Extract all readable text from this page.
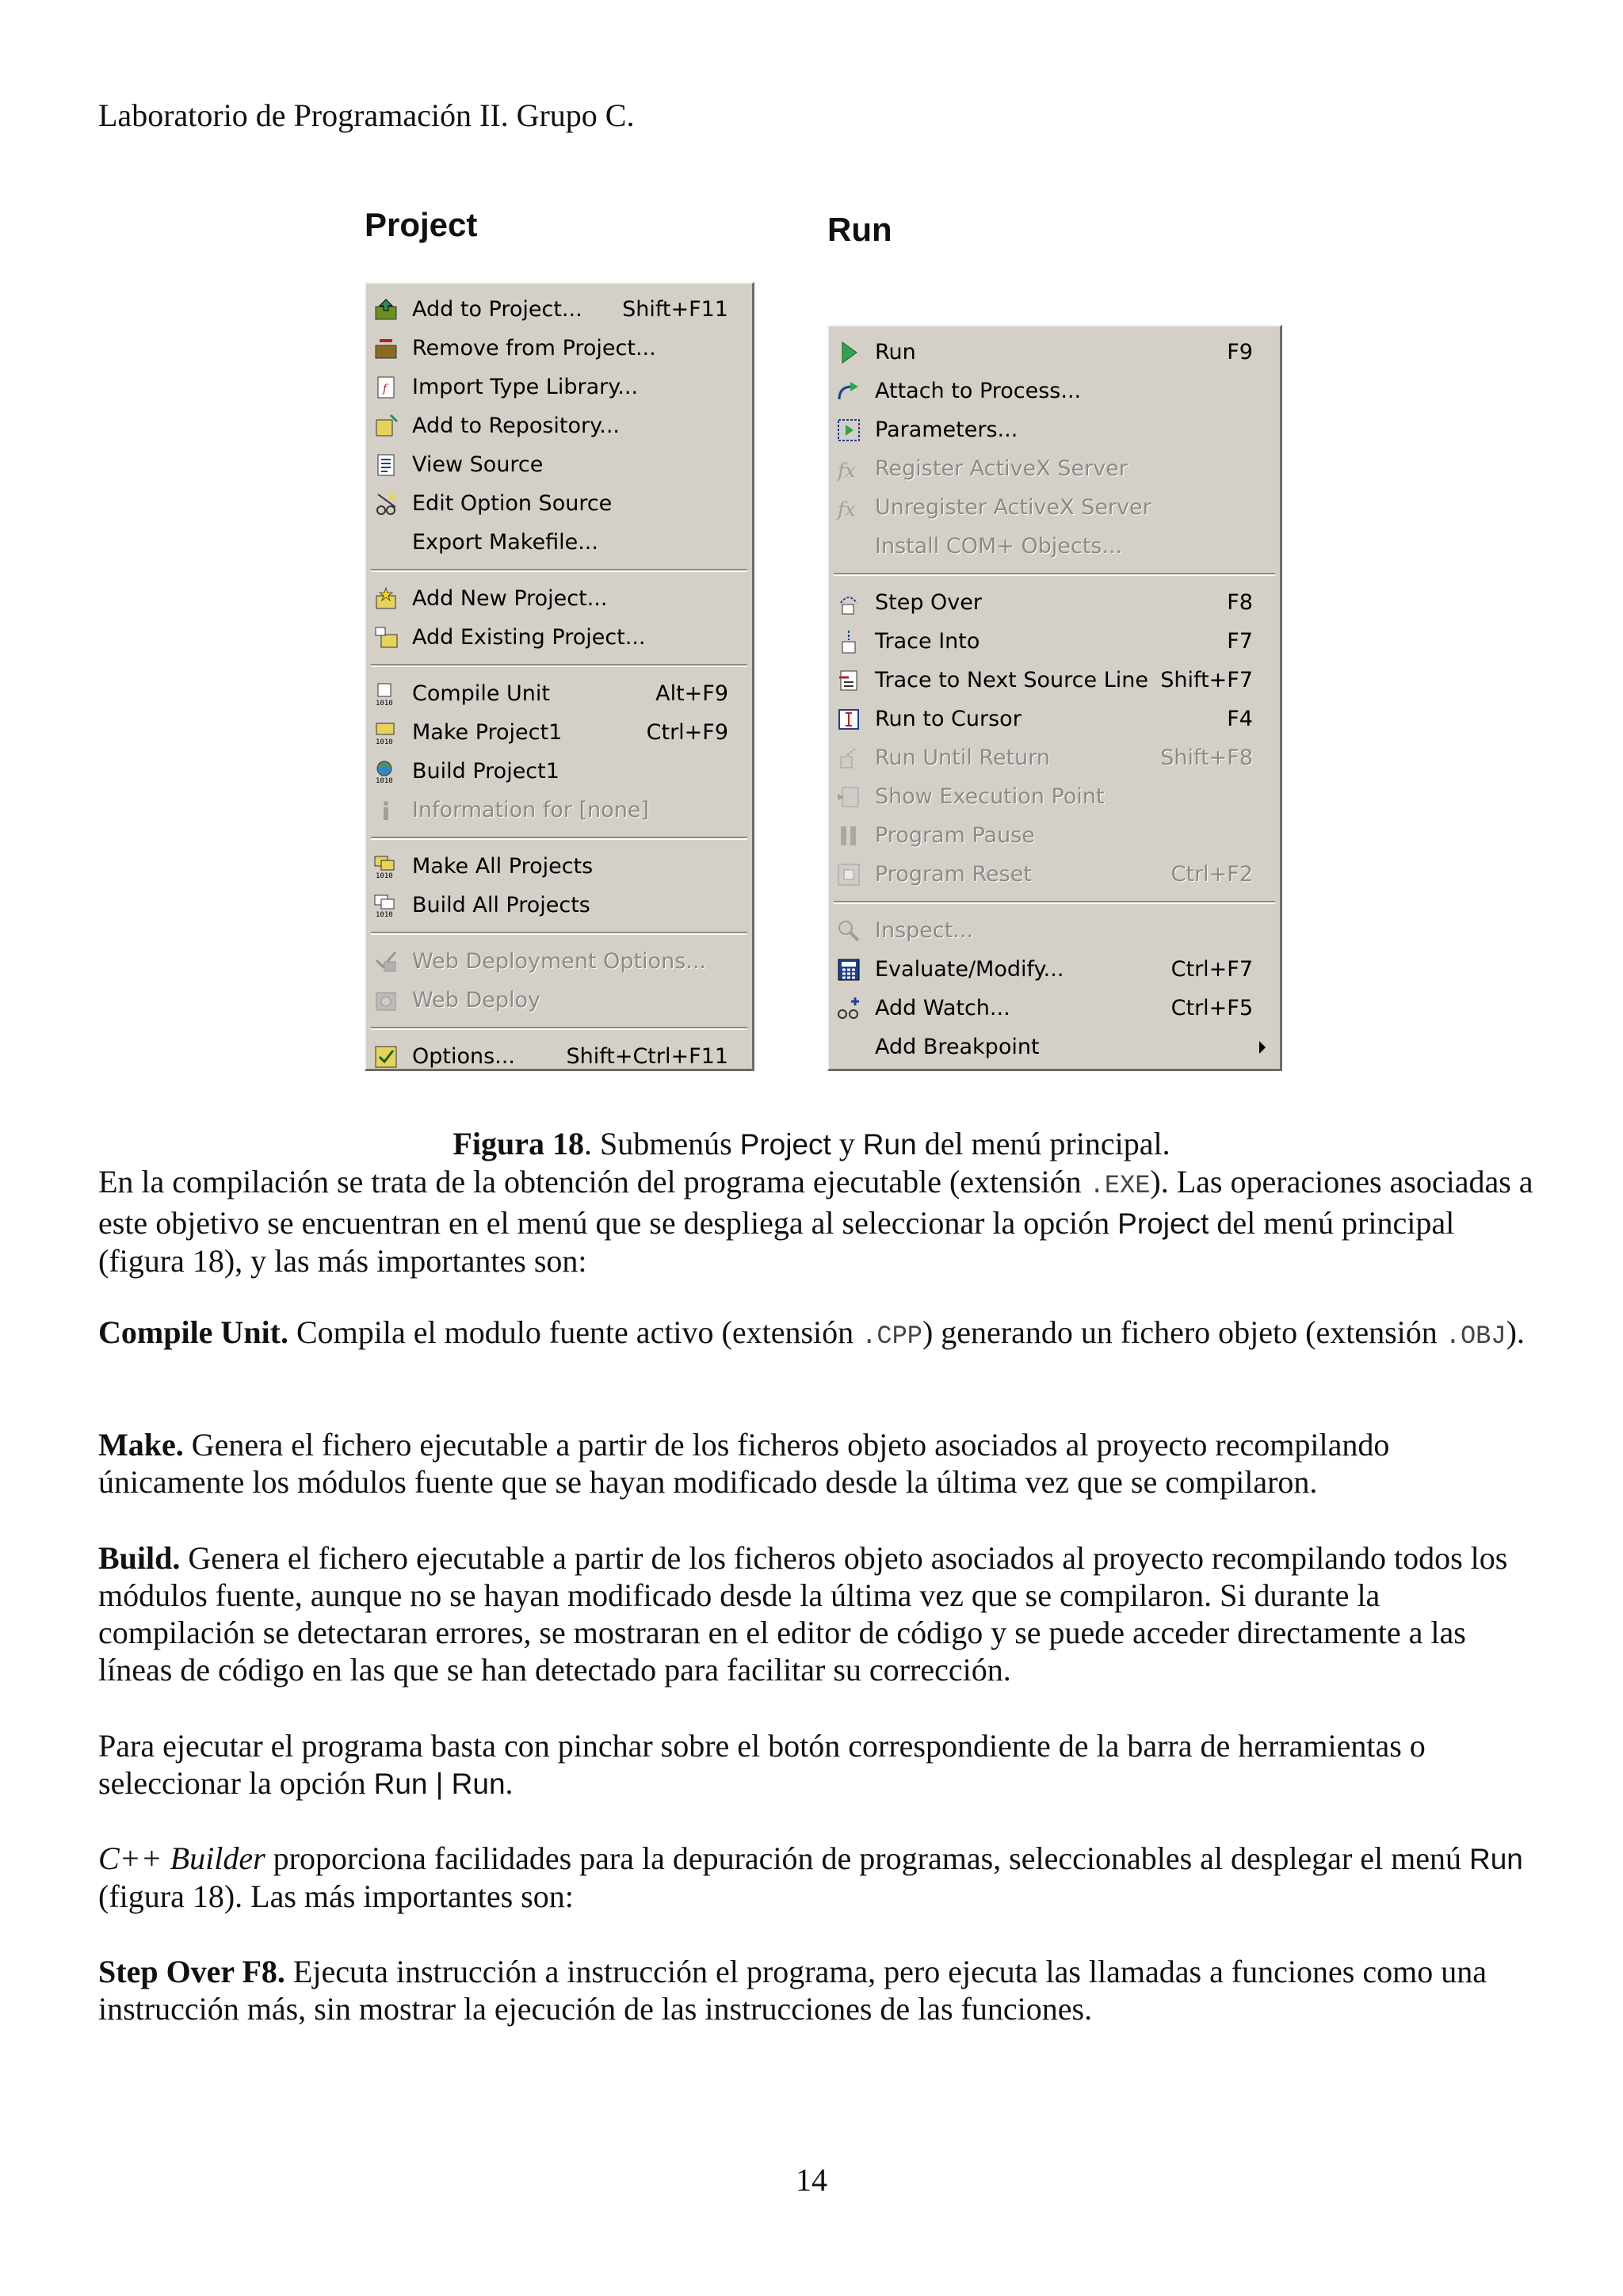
Laboratorio de Programación II. Grupo C.
Project	Run
Add to Project... Shift+F11
Remove from Project...
f Import Type Library...
Add to Repository...
View Source
Edit Option Source
Export Makefile...
Add New Project...
Add Existing Project...
1010 Compile Unit	Alt+F9
1010 Make Project1	Ctrl+F9
1010 Build Project1
Information for [none]
1010 Make All Projects
1010 Build All Projects
Web Deployment Options...
Web Deploy
Options... Shift+Ctrl+F11
Run	F9
Attach to Process...
Parameters...
fx Register ActiveX Server
fx Unregister ActiveX Server
Install COM+ Objects...
Step Over	F8
Trace Into	F7
Trace to Next Source Line Shift+F7
Run to Cursor	F4
Run Until Return	Shift+F8
Show Execution Point
Program Pause
Program Reset	Ctrl+F2
Inspect...
Evaluate/Modify...	Ctrl+F7
Add Watch...	Ctrl+F5
Add Breakpoint
Figura 18. Submenús Project y Run del menú principal.

En la compilación se trata de la obtención del programa ejecutable (extensión .EXE). Las operaciones asociadas a este objetivo se encuentran en el menú que se despliega al seleccionar la opción Project del menú principal (figura 18), y las más importantes son:

Compile Unit. Compila el modulo fuente activo (extensión .CPP) generando un fichero objeto (extensión .OBJ).

Make. Genera el fichero ejecutable a partir de los ficheros objeto asociados al proyecto recompilando únicamente los módulos fuente que se hayan modificado desde la última vez que se compilaron.

Build. Genera el fichero ejecutable a partir de los ficheros objeto asociados al proyecto recompilando todos los módulos fuente, aunque no se hayan modificado desde la última vez que se compilaron. Si durante la compilación se detectaran errores, se mostraran en el editor de código y se puede acceder directamente a las líneas de código en las que se han detectado para facilitar su corrección.

Para ejecutar el programa basta con pinchar sobre el botón correspondiente de la barra de herramientas o seleccionar la opción Run | Run.

C++ Builder proporciona facilidades para la depuración de programas, seleccionables al desplegar el menú Run (figura 18). Las más importantes son:

Step Over F8. Ejecuta instrucción a instrucción el programa, pero ejecuta las llamadas a funciones como una instrucción más, sin mostrar la ejecución de las instrucciones de las funciones.

14
